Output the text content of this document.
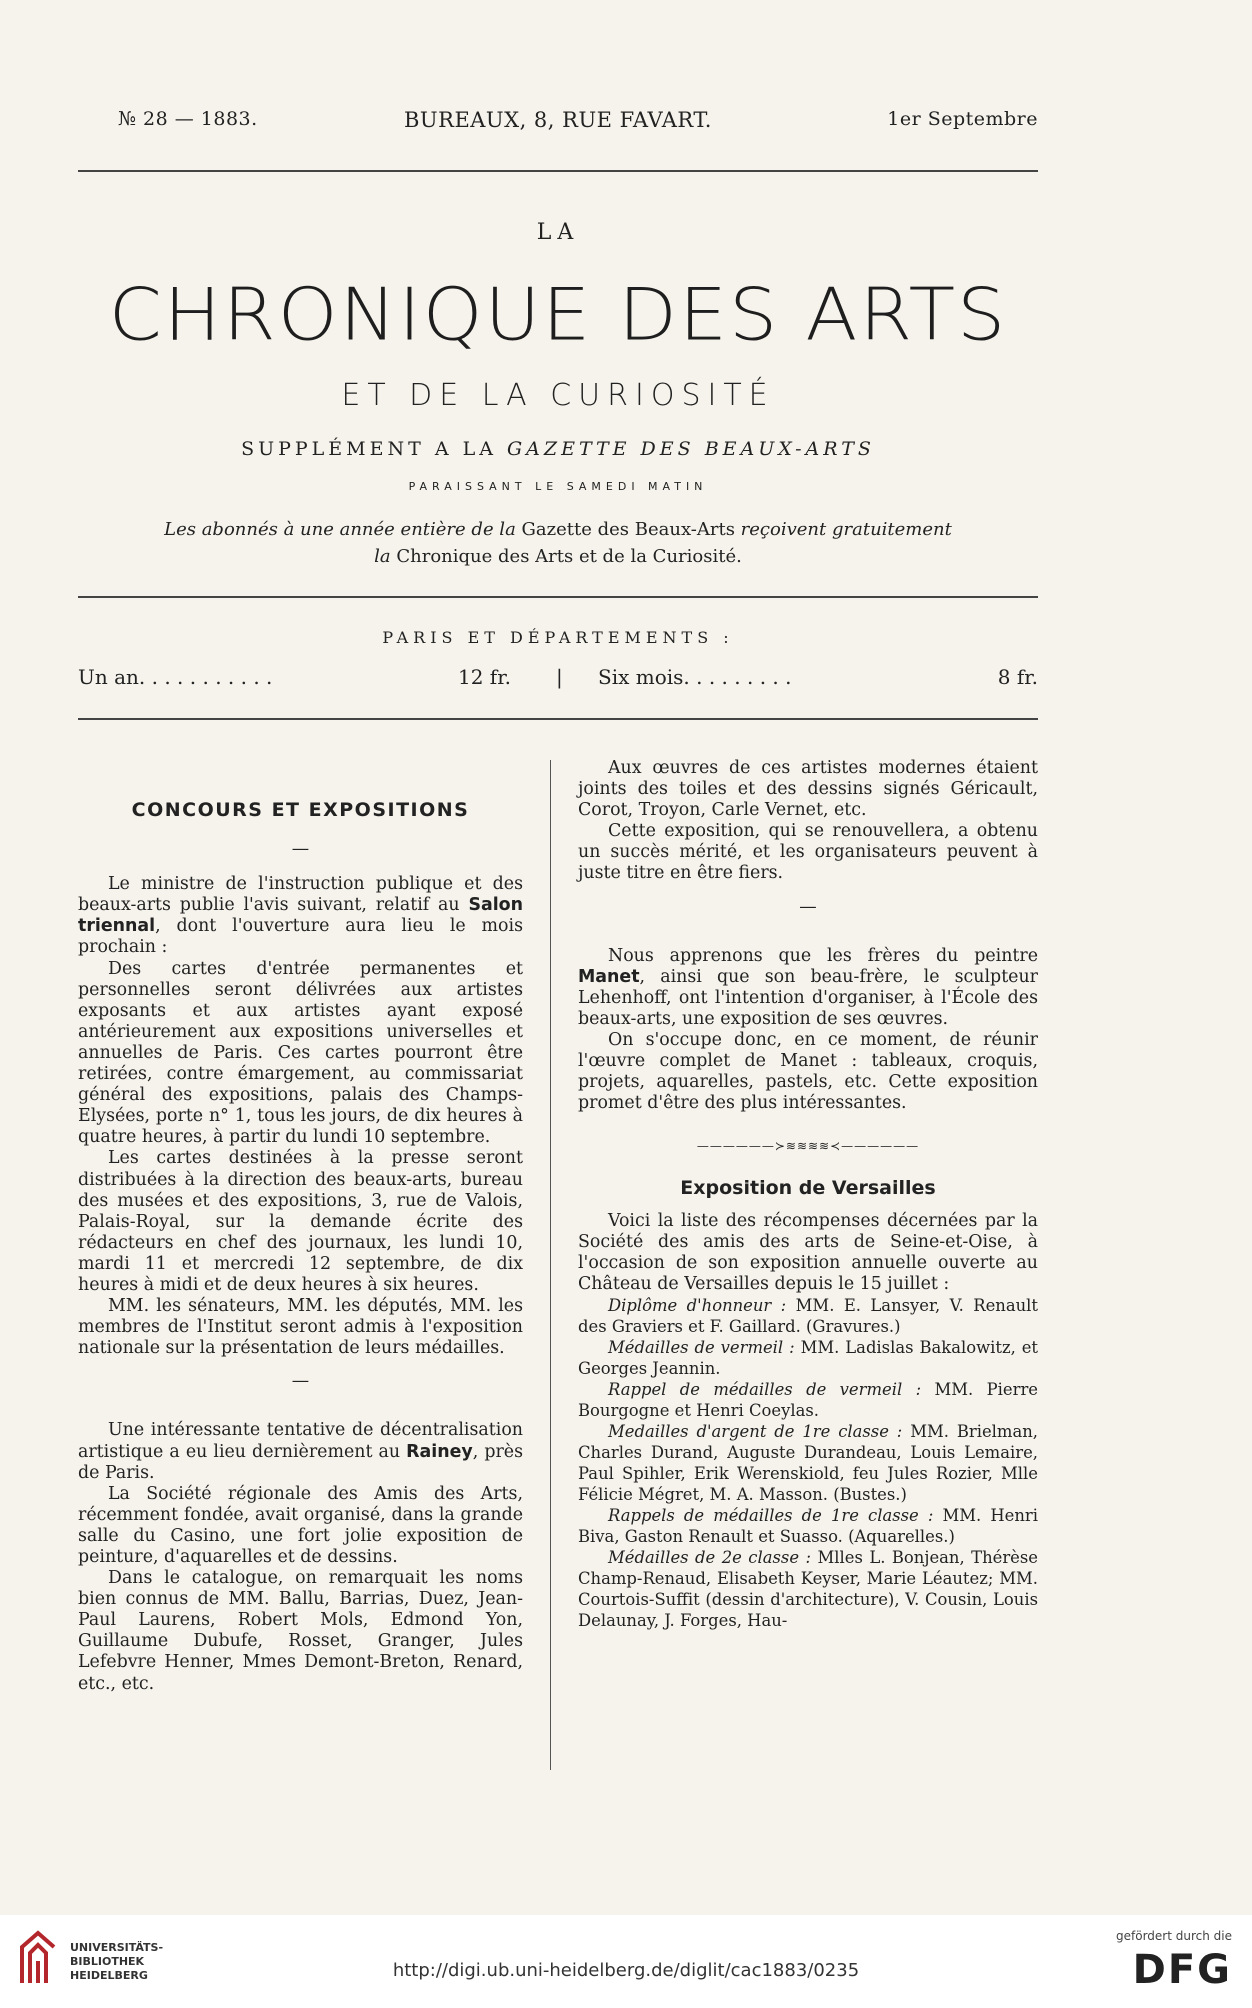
№ 28 — 1883.	BUREAUX, 8, RUE FAVART.	1er Septembre
LA
CHRONIQUE DES ARTS
ET DE LA CURIOSITÉ
SUPPLÉMENT A LA GAZETTE DES BEAUX-ARTS
PARAISSANT LE SAMEDI MATIN
Les abonnés à une année entière de la Gazette des Beaux-Arts reçoivent gratuitement
la Chronique des Arts et de la Curiosité.
PARIS ET DÉPARTEMENTS :
Un an. . . . . . . . . . .	12 fr. | Six mois. . . . . . . . .	8 fr.
CONCOURS ET EXPOSITIONS
—

Le ministre de l'instruction publique et des beaux-arts publie l'avis suivant, relatif au Salon triennal, dont l'ouverture aura lieu le mois prochain :

Des cartes d'entrée permanentes et personnelles seront délivrées aux artistes exposants et aux artistes ayant exposé antérieurement aux expositions universelles et annuelles de Paris. Ces cartes pourront être retirées, contre émargement, au commissariat général des expositions, palais des Champs-Elysées, porte n° 1, tous les jours, de dix heures à quatre heures, à partir du lundi 10 septembre.

Les cartes destinées à la presse seront distribuées à la direction des beaux-arts, bureau des musées et des expositions, 3, rue de Valois, Palais-Royal, sur la demande écrite des rédacteurs en chef des journaux, les lundi 10, mardi 11 et mercredi 12 septembre, de dix heures à midi et de deux heures à six heures.

MM. les sénateurs, MM. les députés, MM. les membres de l'Institut seront admis à l'exposition nationale sur la présentation de leurs médailles.

—

Une intéressante tentative de décentralisation artistique a eu lieu dernièrement au Rainey, près de Paris.

La Société régionale des Amis des Arts, récemment fondée, avait organisé, dans la grande salle du Casino, une fort jolie exposition de peinture, d'aquarelles et de dessins.

Dans le catalogue, on remarquait les noms bien connus de MM. Ballu, Barrias, Duez, Jean-Paul Laurens, Robert Mols, Edmond Yon, Guillaume Dubufe, Rosset, Granger, Jules Lefebvre Henner, Mmes Demont-Breton, Renard, etc., etc.

Aux œuvres de ces artistes modernes étaient joints des toiles et des dessins signés Géricault, Corot, Troyon, Carle Vernet, etc.

Cette exposition, qui se renouvellera, a obtenu un succès mérité, et les organisateurs peuvent à juste titre en être fiers.

—

Nous apprenons que les frères du peintre Manet, ainsi que son beau-frère, le sculpteur Lehenhoff, ont l'intention d'organiser, à l'École des beaux-arts, une exposition de ses œuvres.

On s'occupe donc, en ce moment, de réunir l'œuvre complet de Manet : tableaux, croquis, projets, aquarelles, pastels, etc. Cette exposition promet d'être des plus intéressantes.

——————≻≋≋≋≋≺——————
Exposition de Versailles

Voici la liste des récompenses décernées par la Société des amis des arts de Seine-et-Oise, à l'occasion de son exposition annuelle ouverte au Château de Versailles depuis le 15 juillet :

Diplôme d'honneur : MM. E. Lansyer, V. Renault des Graviers et F. Gaillard. (Gravures.)

Médailles de vermeil : MM. Ladislas Bakalowitz, et Georges Jeannin.

Rappel de médailles de vermeil : MM. Pierre Bourgogne et Henri Coeylas.

Medailles d'argent de 1re classe : MM. Brielman, Charles Durand, Auguste Durandeau, Louis Lemaire, Paul Spihler, Erik Werenskiold, feu Jules Rozier, Mlle Félicie Mégret, M. A. Masson. (Bustes.)

Rappels de médailles de 1re classe : MM. Henri Biva, Gaston Renault et Suasso. (Aquarelles.)

Médailles de 2e classe : Mlles L. Bonjean, Thérèse Champ-Renaud, Elisabeth Keyser, Marie Léautez; MM. Courtois-Suffit (dessin d'architecture), V. Cousin, Louis Delaunay, J. Forges, Hau-

UNIVERSITÄTS-
BIBLIOTHEK
HEIDELBERG	http://digi.ub.uni-heidelberg.de/diglit/cac1883/0235
gefördert durch die
DFG
